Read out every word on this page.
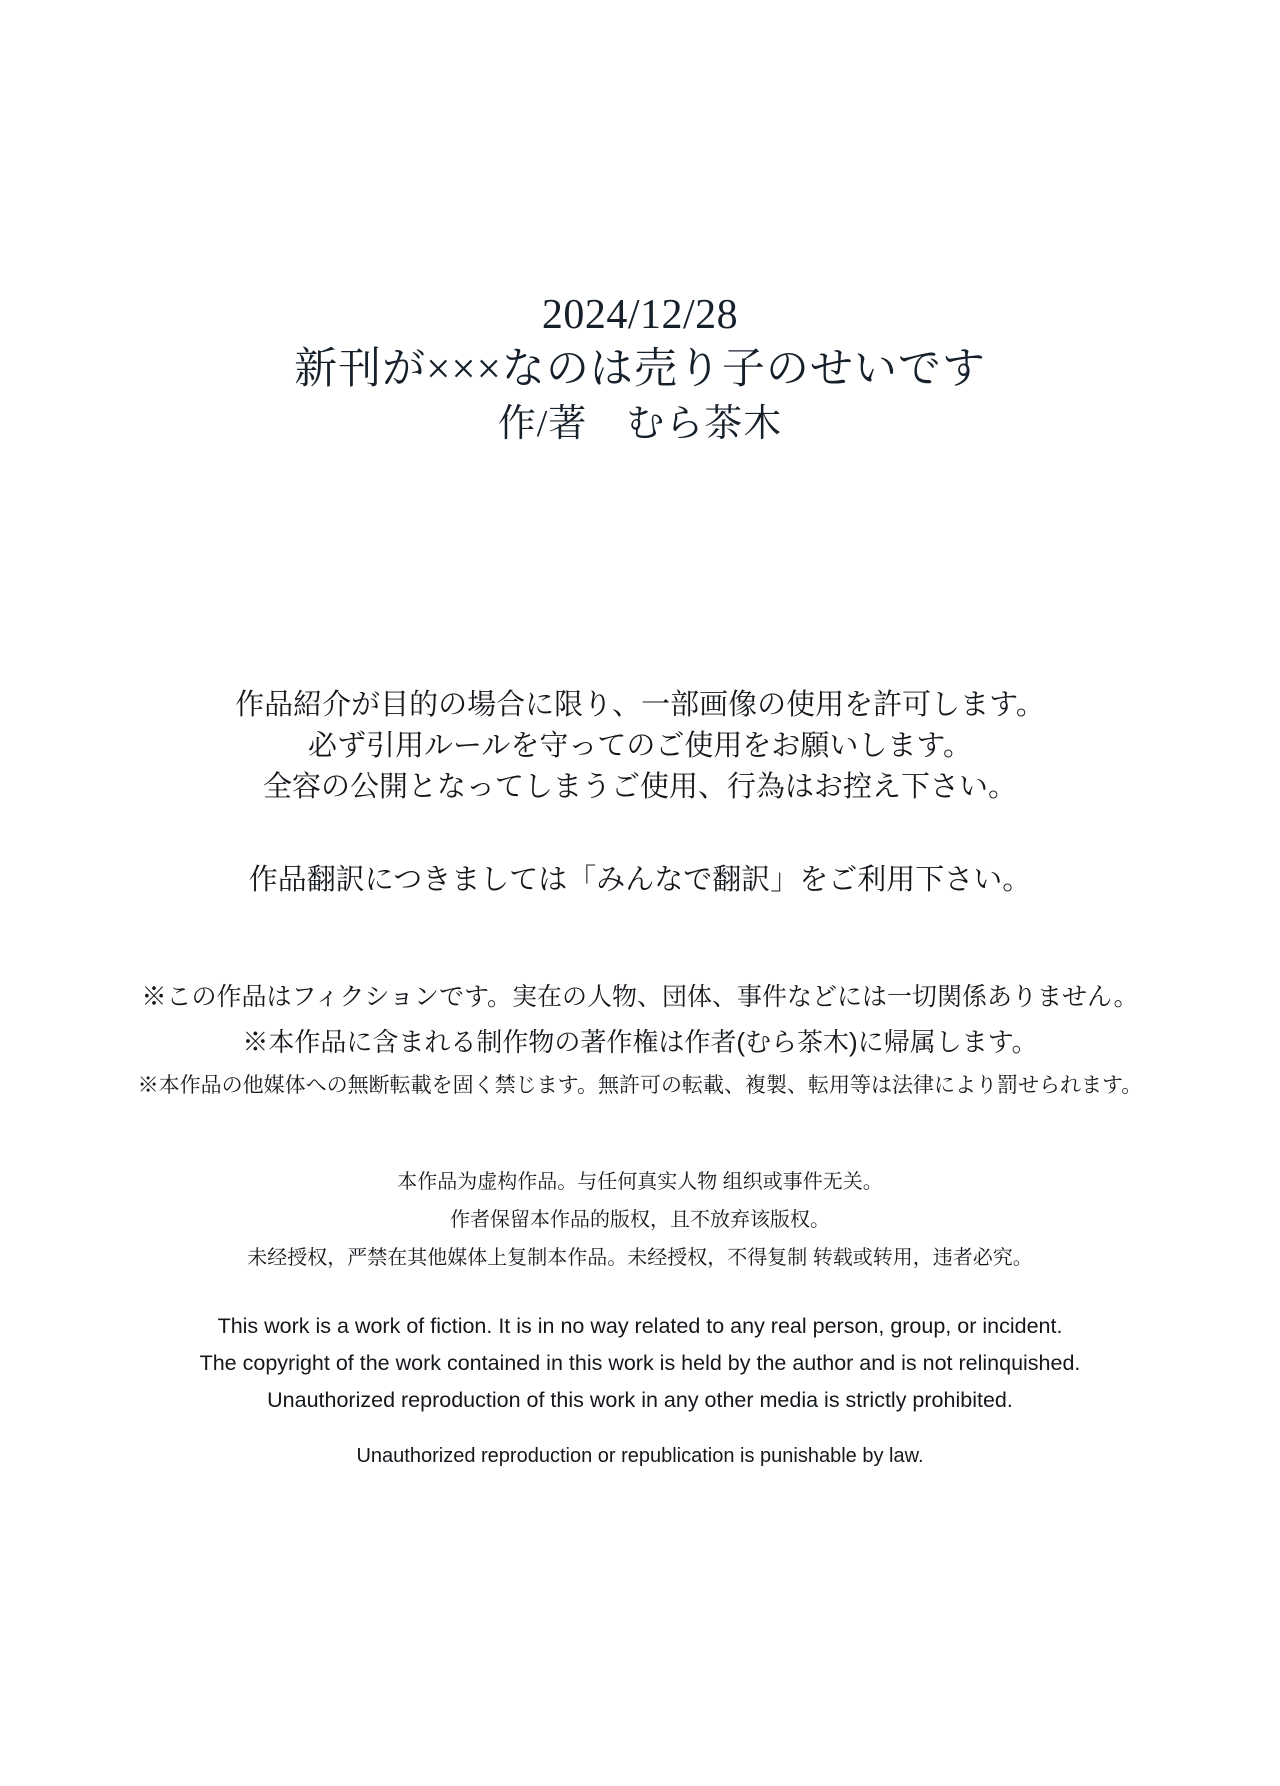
2024/12/28
新刊が×××なのは売り子のせいです
作/著　むら茶木
作品紹介が目的の場合に限り、一部画像の使用を許可します。
必ず引用ルールを守ってのご使用をお願いします。
全容の公開となってしまうご使用、行為はお控え下さい。
作品翻訳につきましては「みんなで翻訳」をご利用下さい。
※この作品はフィクションです。実在の人物、団体、事件などには一切関係ありません。
※本作品に含まれる制作物の著作権は作者(むら茶木)に帰属します。
※本作品の他媒体への無断転載を固く禁じます。無許可の転載、複製、転用等は法律により罰せられます。
本作品为虚构作品。与任何真实人物 组织或事件无关。
作者保留本作品的版权，且不放弃该版权。
未经授权，严禁在其他媒体上复制本作品。未经授权，不得复制 转载或转用，违者必究。
This work is a work of fiction. It is in no way related to any real person, group, or incident.
The copyright of the work contained in this work is held by the author and is not relinquished.
Unauthorized reproduction of this work in any other media is strictly prohibited.
Unauthorized reproduction or republication is punishable by law.
